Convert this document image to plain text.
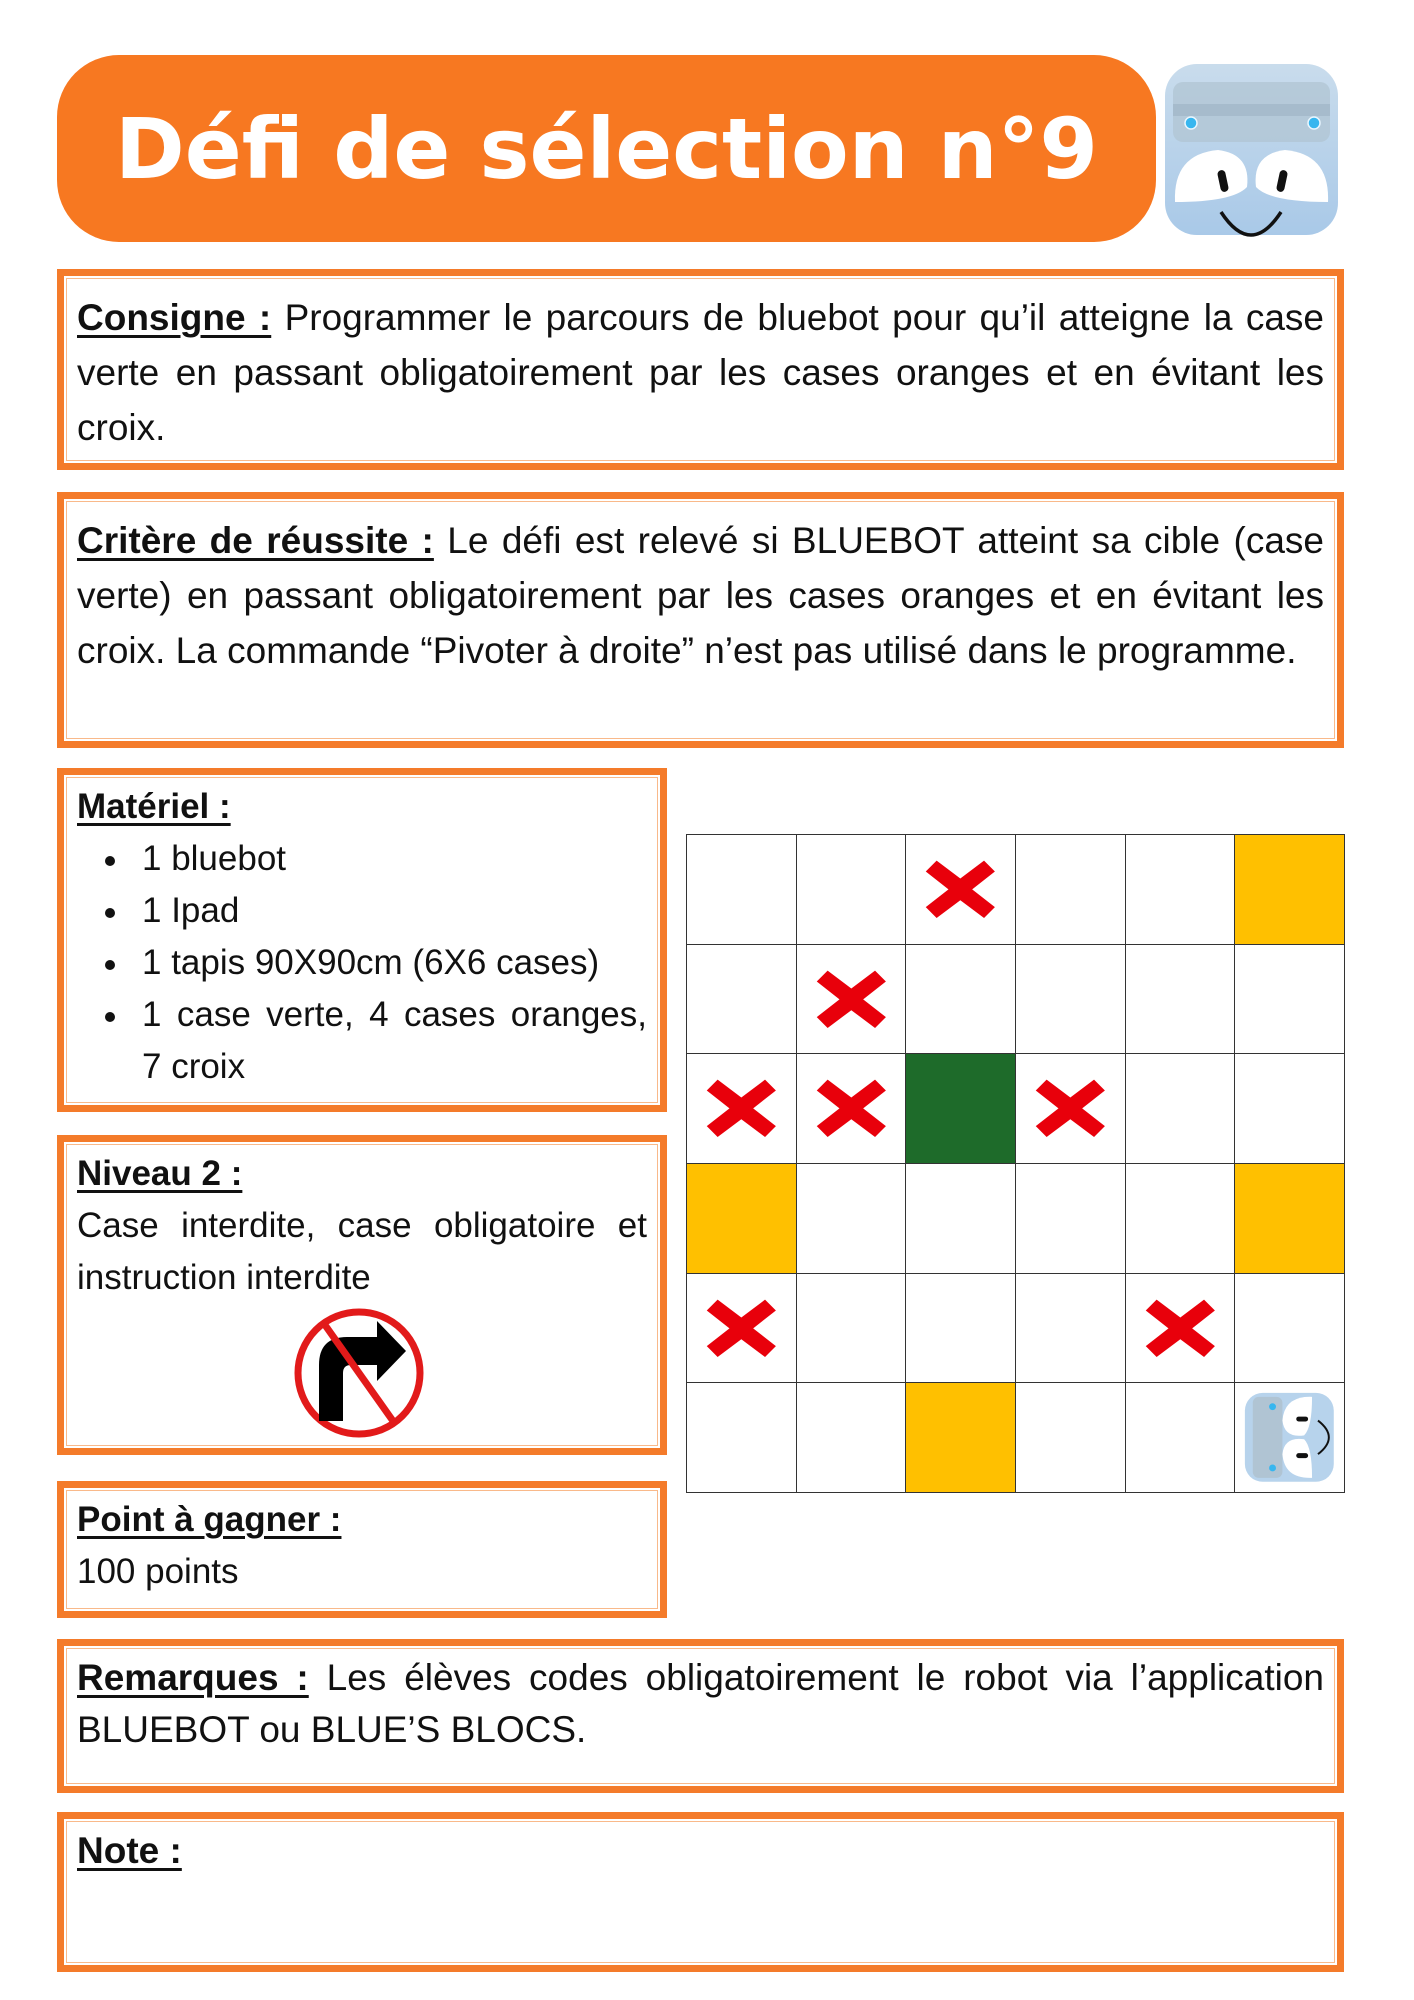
Défi de sélection n°9
Consigne : Programmer le parcours de bluebot pour qu’il atteigne la case verte en passant obligatoirement par les cases oranges et en évitant les croix.
Critère de réussite : Le défi est relevé si BLUEBOT atteint sa cible (case verte) en passant obligatoirement par les cases oranges et en évitant les croix. La commande “Pivoter à droite” n’est pas utilisé dans le programme.
Matériel :
1 bluebot
1 Ipad
1 tapis 90X90cm (6X6 cases)
1 case verte, 4 cases oranges, 7 croix
Niveau 2 :
Case interdite, case obligatoire et instruction interdite
Point à gagner :
100 points
Remarques : Les élèves codes obligatoirement le robot via l’application BLUEBOT ou BLUE’S BLOCS.
Note :
